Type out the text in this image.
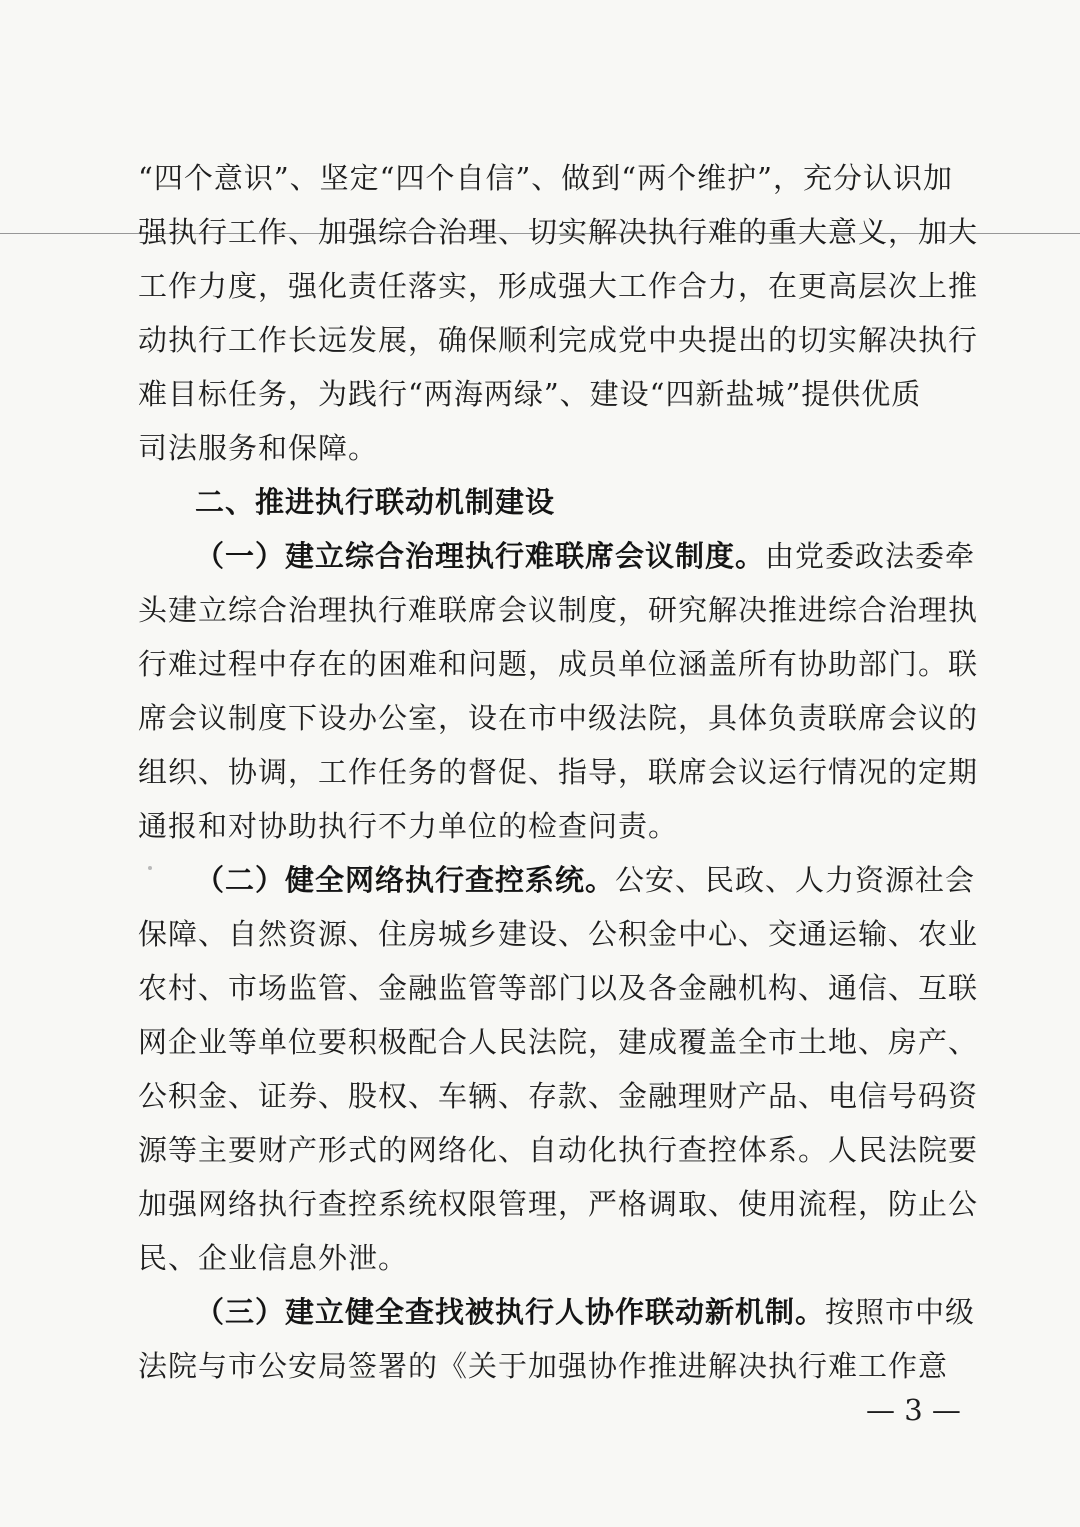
“四个意识”、坚定“四个自信”、做到“两个维护”，充分认识加
强执行工作、加强综合治理、切实解决执行难的重大意义，加大
工作力度，强化责任落实，形成强大工作合力，在更高层次上推
动执行工作长远发展，确保顺利完成党中央提出的切实解决执行
难目标任务，为践行“两海两绿”、建设“四新盐城”提供优质
司法服务和保障。
二、推进执行联动机制建设
（一）建立综合治理执行难联席会议制度。由党委政法委牵
头建立综合治理执行难联席会议制度，研究解决推进综合治理执
行难过程中存在的困难和问题，成员单位涵盖所有协助部门。联
席会议制度下设办公室，设在市中级法院，具体负责联席会议的
组织、协调，工作任务的督促、指导，联席会议运行情况的定期
通报和对协助执行不力单位的检查问责。
（二）健全网络执行查控系统。公安、民政、人力资源社会
保障、自然资源、住房城乡建设、公积金中心、交通运输、农业
农村、市场监管、金融监管等部门以及各金融机构、通信、互联
网企业等单位要积极配合人民法院，建成覆盖全市土地、房产、
公积金、证券、股权、车辆、存款、金融理财产品、电信号码资
源等主要财产形式的网络化、自动化执行查控体系。人民法院要
加强网络执行查控系统权限管理，严格调取、使用流程，防止公
民、企业信息外泄。
（三）建立健全查找被执行人协作联动新机制。按照市中级
法院与市公安局签署的《关于加强协作推进解决执行难工作意
— 3 —
